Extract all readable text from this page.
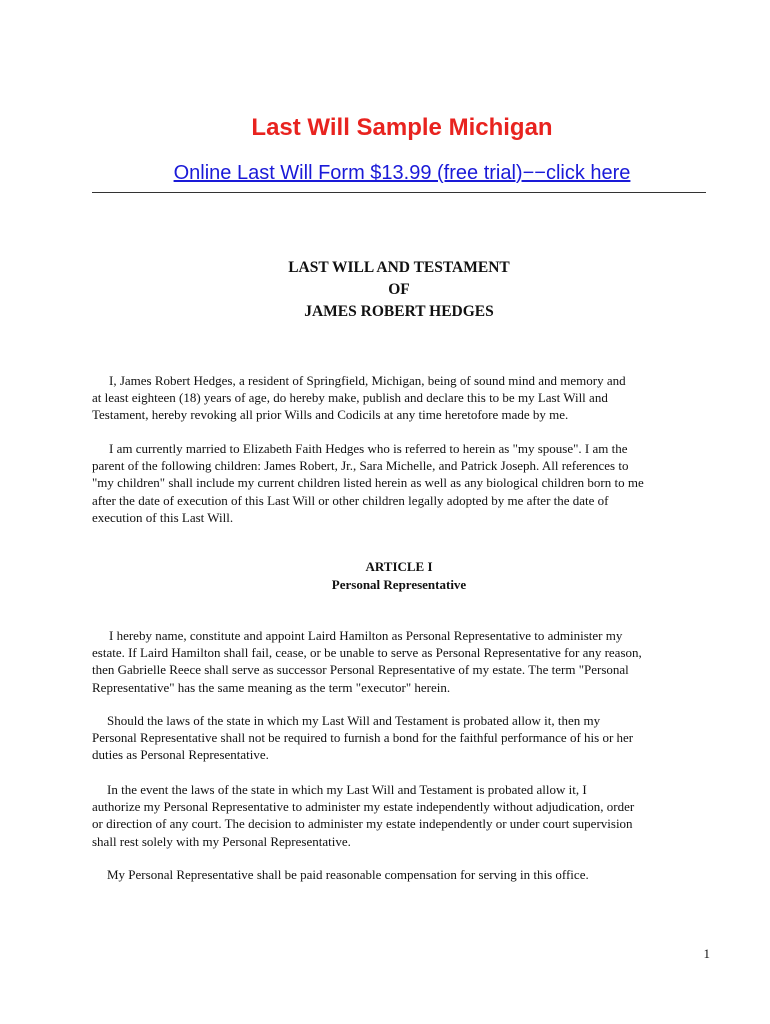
Last Will Sample Michigan
Online Last Will Form $13.99 (free trial)−−click here
LAST WILL AND TESTAMENT
OF
JAMES ROBERT HEDGES

I, James Robert Hedges, a resident of Springfield, Michigan, being of sound mind and memory and
at least eighteen (18) years of age, do hereby make, publish and declare this to be my Last Will and
Testament, hereby revoking all prior Wills and Codicils at any time heretofore made by me.

I am currently married to Elizabeth Faith Hedges who is referred to herein as "my spouse". I am the
parent of the following children: James Robert, Jr., Sara Michelle, and Patrick Joseph. All references to
"my children" shall include my current children listed herein as well as any biological children born to me
after the date of execution of this Last Will or other children legally adopted by me after the date of
execution of this Last Will.

ARTICLE I
Personal Representative

I hereby name, constitute and appoint Laird Hamilton as Personal Representative to administer my
estate. If Laird Hamilton shall fail, cease, or be unable to serve as Personal Representative for any reason,
then Gabrielle Reece shall serve as successor Personal Representative of my estate. The term "Personal
Representative" has the same meaning as the term "executor" herein.

Should the laws of the state in which my Last Will and Testament is probated allow it, then my
Personal Representative shall not be required to furnish a bond for the faithful performance of his or her
duties as Personal Representative.

In the event the laws of the state in which my Last Will and Testament is probated allow it, I
authorize my Personal Representative to administer my estate independently without adjudication, order
or direction of any court. The decision to administer my estate independently or under court supervision
shall rest solely with my Personal Representative.

My Personal Representative shall be paid reasonable compensation for serving in this office.

1
